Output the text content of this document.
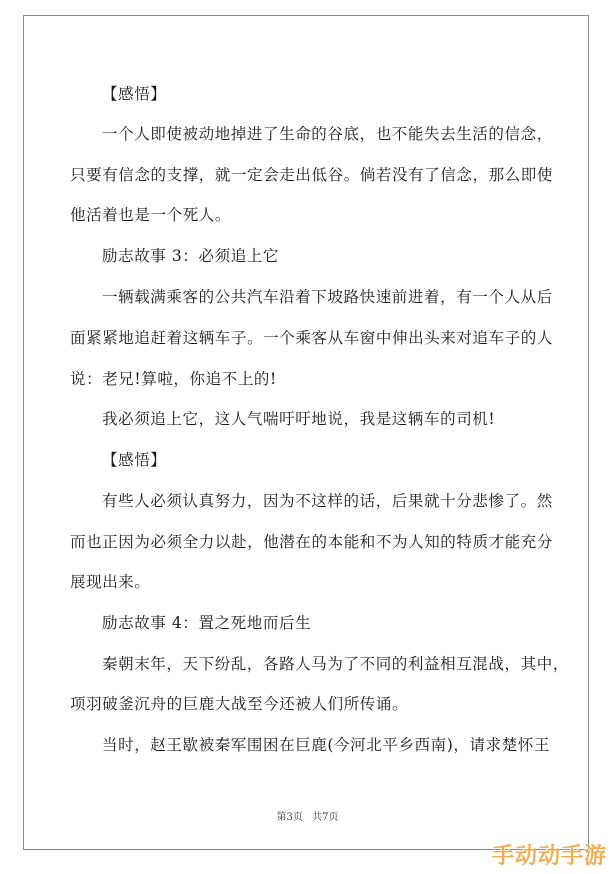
【感悟】
一个人即使被动地掉进了生命的谷底，也不能失去生活的信念，
只要有信念的支撑，就一定会走出低谷。倘若没有了信念，那么即使
他活着也是一个死人。
励志故事 3：必须追上它
一辆载满乘客的公共汽车沿着下坡路快速前进着，有一个人从后
面紧紧地追赶着这辆车子。一个乘客从车窗中伸出头来对追车子的人
说：老兄!算啦，你追不上的!
我必须追上它，这人气喘吁吁地说，我是这辆车的司机!
【感悟】
有些人必须认真努力，因为不这样的话，后果就十分悲惨了。然
而也正因为必须全力以赴，他潜在的本能和不为人知的特质才能充分
展现出来。
励志故事 4：置之死地而后生
秦朝末年，天下纷乱，各路人马为了不同的利益相互混战，其中，
项羽破釜沉舟的巨鹿大战至今还被人们所传诵。
当时，赵王歇被秦军围困在巨鹿(今河北平乡西南)，请求楚怀王
第3页 共7页
手动动手游
